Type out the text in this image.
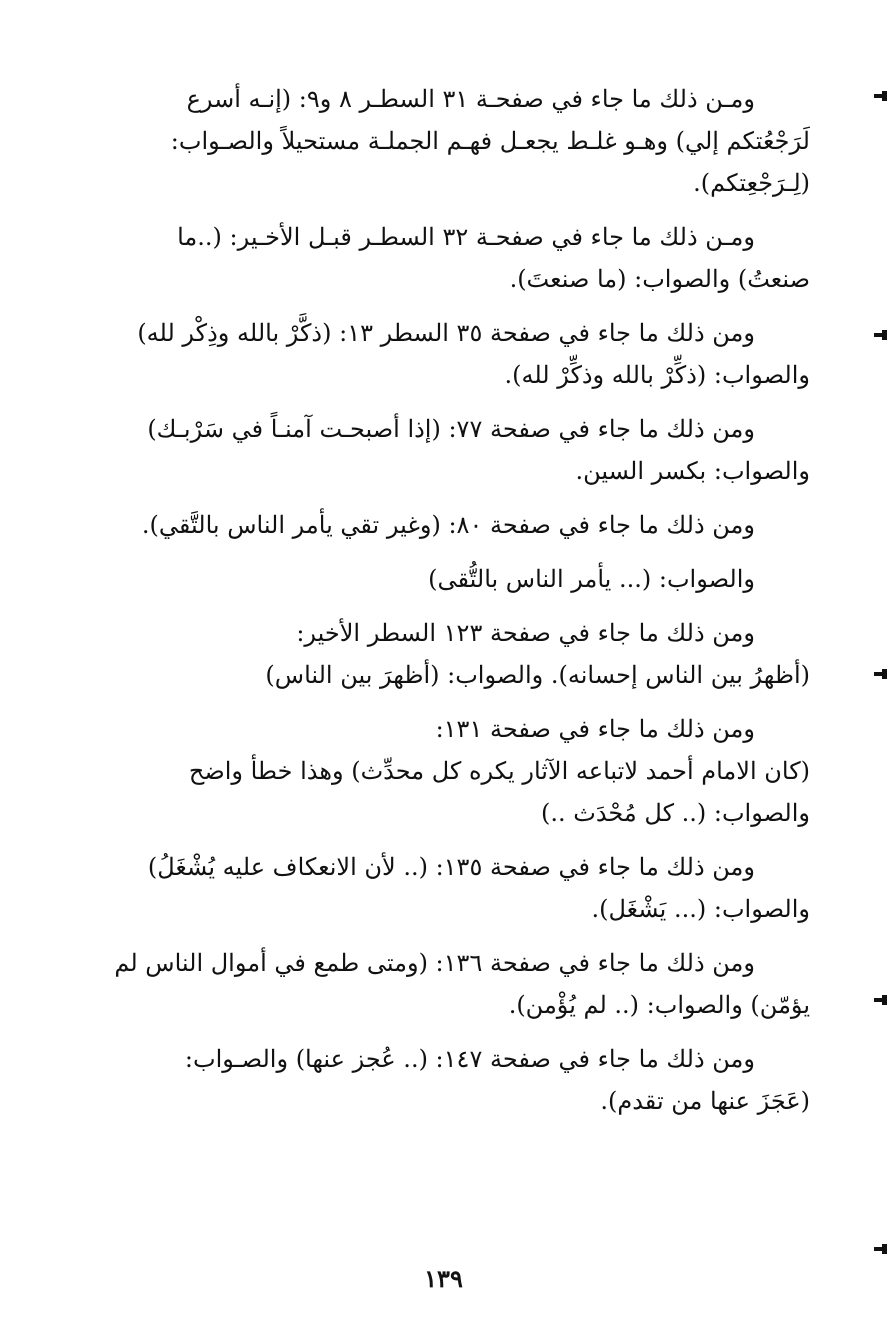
ومـن ذلك ما جاء في صفحـة ٣١ السطـر ٨ و٩: (إنـه أسرع
لَرَجْعُتكم إلي) وهـو غلـط يجعـل فهـم الجملـة مستحيلاً والصـواب:
(لِـرَجْعِتكم).

ومـن ذلك ما جاء في صفحـة ٣٢ السطـر قبـل الأخـير: (..ما
صنعتُ) والصواب: (ما صنعتَ).

ومن ذلك ما جاء في صفحة ٣٥ السطر ١٣: (ذكَّرْ بالله وذِكْر لله)
والصواب: (ذكِّرْ بالله وذكِّرْ لله).

ومن ذلك ما جاء في صفحة ٧٧: (إذا أصبحـت آمنـاً في سَرْبـك)
والصواب: بكسر السين.

ومن ذلك ما جاء في صفحة ٨٠: (وغير تقي يأمر الناس بالتَّقي).

والصواب: (... يأمر الناس بالتُّقى)

ومن ذلك ما جاء في صفحة ١٢٣ السطر الأخير:
(أظهرُ بين الناس إحسانه). والصواب: (أظهرَ بين الناس)

ومن ذلك ما جاء في صفحة ١٣١:
(كان الامام أحمد لاتباعه الآثار يكره كل محدِّث) وهذا خطأ واضح
والصواب: (.. كل مُحْدَث ..)

ومن ذلك ما جاء في صفحة ١٣٥: (.. لأن الانعكاف عليه يُشْغَلُ)
والصواب: (... يَشْغَل).

ومن ذلك ما جاء في صفحة ١٣٦: (ومتى طمع في أموال الناس لم
يؤمّن) والصواب: (.. لم يُؤْمن).

ومن ذلك ما جاء في صفحة ١٤٧: (.. عُجز عنها) والصـواب:
(عَجَزَ عنها من تقدم).

١٣٩
